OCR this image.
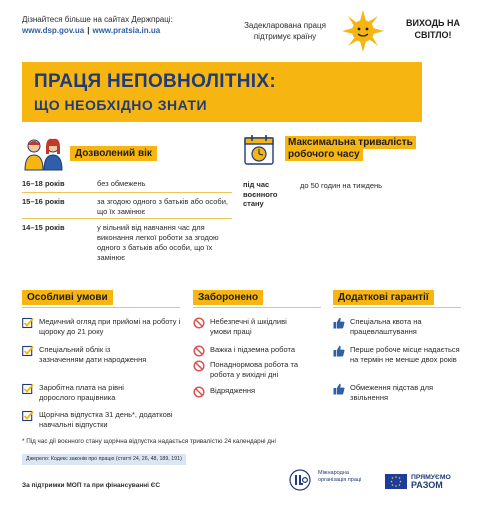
Дізнайтеся більше на сайтах Держпраці:
www.dsp.gov.ua | www.pratsia.in.ua
Задекларована праця підтримує країну
ВИХОДЬ НА СВІТЛО!
ПРАЦЯ НЕПОВНОЛІТНІХ:
ЩО НЕОБХІДНО ЗНАТИ
Дозволений вік
16–18 років	без обмежень
15–16 років	за згодою одного з батьків або особи, що їх замінює
14–15 років	у вільний від навчання час для виконання легкої роботи за згодою одного з батьків або особи, що їх замінює
Максимальна тривалість
робочого часу
під час воєнного стану
до 50 годин на тиждень
Особливі умови
Медичний огляд при прийомі на роботу і щороку до 21 року
Спеціальний облік із зазначенням дати народження
Заробітна плата на рівні дорослого працівника
Щорічна відпустка 31 день*, додаткові навчальні відпустки
Заборонено
Небезпечні й шкідливі умови праці
Важка і підземна робота
Понаднормова робота та робота у вихідні дні
Відрядження
Додаткові гарантії
Спеціальна квота на працевлаштування
Перше робоче місце надається на термін не менше двох років
Обмеження підстав для звільнення
* Під час дії воєнного стану щорічна відпустка надається тривалістю 24 календарні дні
Джерело: Кодекс законів про працю (статті 24, 26, 48, 189, 191)
За підтримки МОП та при фінансуванні ЄС
Міжнародна організація праці	ПРЯМУЄМО
РАЗОМ
